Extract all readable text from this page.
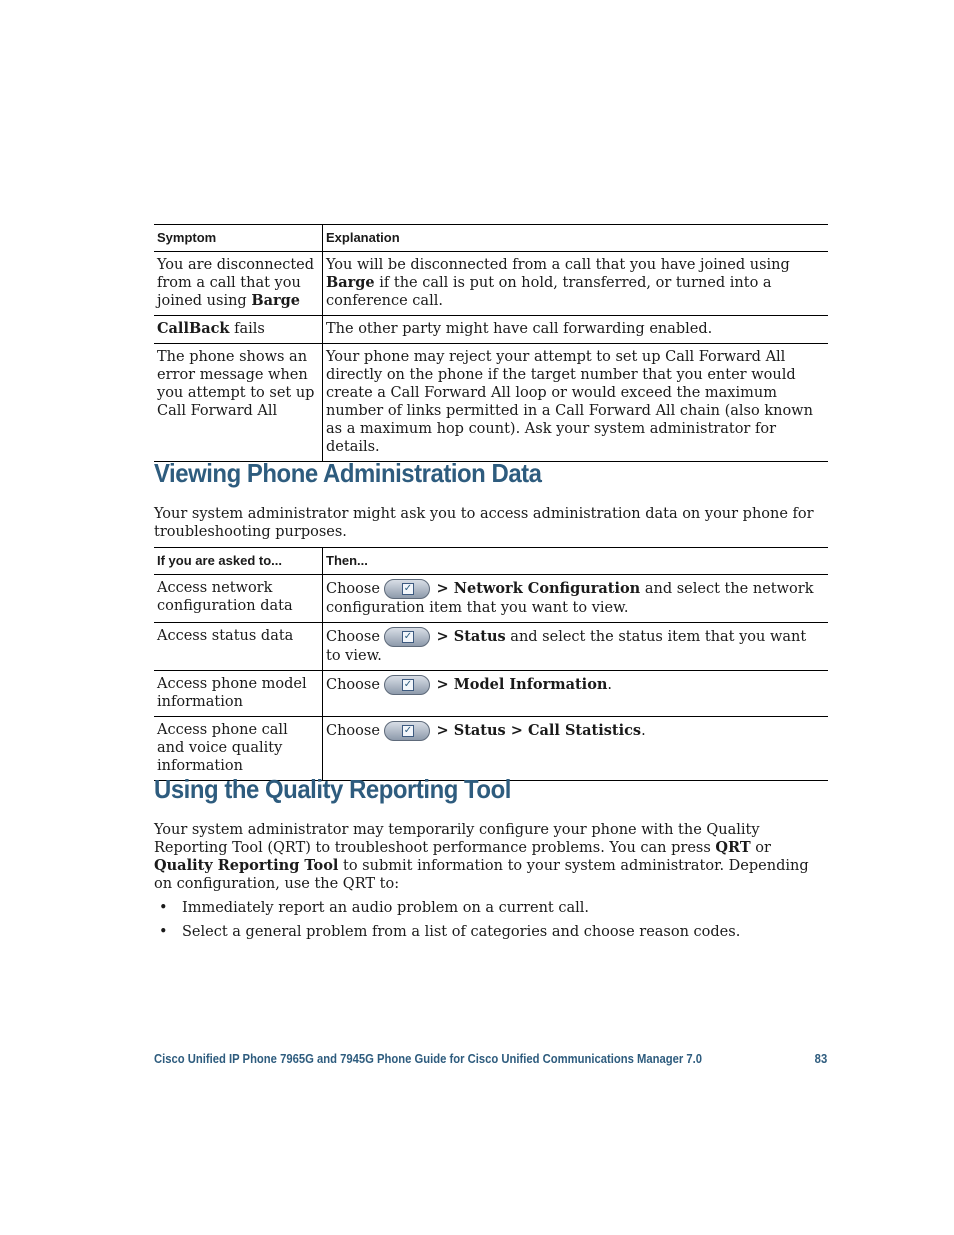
Symptom	Explanation
You are disconnected from a call that you joined using Barge	You will be disconnected from a call that you have joined using Barge if the call is put on hold, transferred, or turned into a conference call.
CallBack fails	The other party might have call forwarding enabled.
The phone shows an error message when you attempt to set up Call Forward All	Your phone may reject your attempt to set up Call Forward All directly on the phone if the target number that you enter would create a Call Forward All loop or would exceed the maximum number of links permitted in a Call Forward All chain (also known as a maximum hop count). Ask your system administrator for details.
Viewing Phone Administration Data

Your system administrator might ask you to access administration data on your phone for troubleshooting purposes.

If you are asked to...	Then...
Access network configuration data	Choose ✓ > Network Configuration and select the network configuration item that you want to view.
Access status data	Choose ✓ > Status and select the status item that you want to view.
Access phone model information	Choose ✓ > Model Information.
Access phone call and voice quality information	Choose ✓ > Status > Call Statistics.
Using the Quality Reporting Tool

Your system administrator may temporarily configure your phone with the Quality Reporting Tool (QRT) to troubleshoot performance problems. You can press QRT or Quality Reporting Tool to submit information to your system administrator. Depending on configuration, use the QRT to:

• Immediately report an audio problem on a current call.
• Select a general problem from a list of categories and choose reason codes.
Cisco Unified IP Phone 7965G and 7945G Phone Guide for Cisco Unified Communications Manager 7.0	83
